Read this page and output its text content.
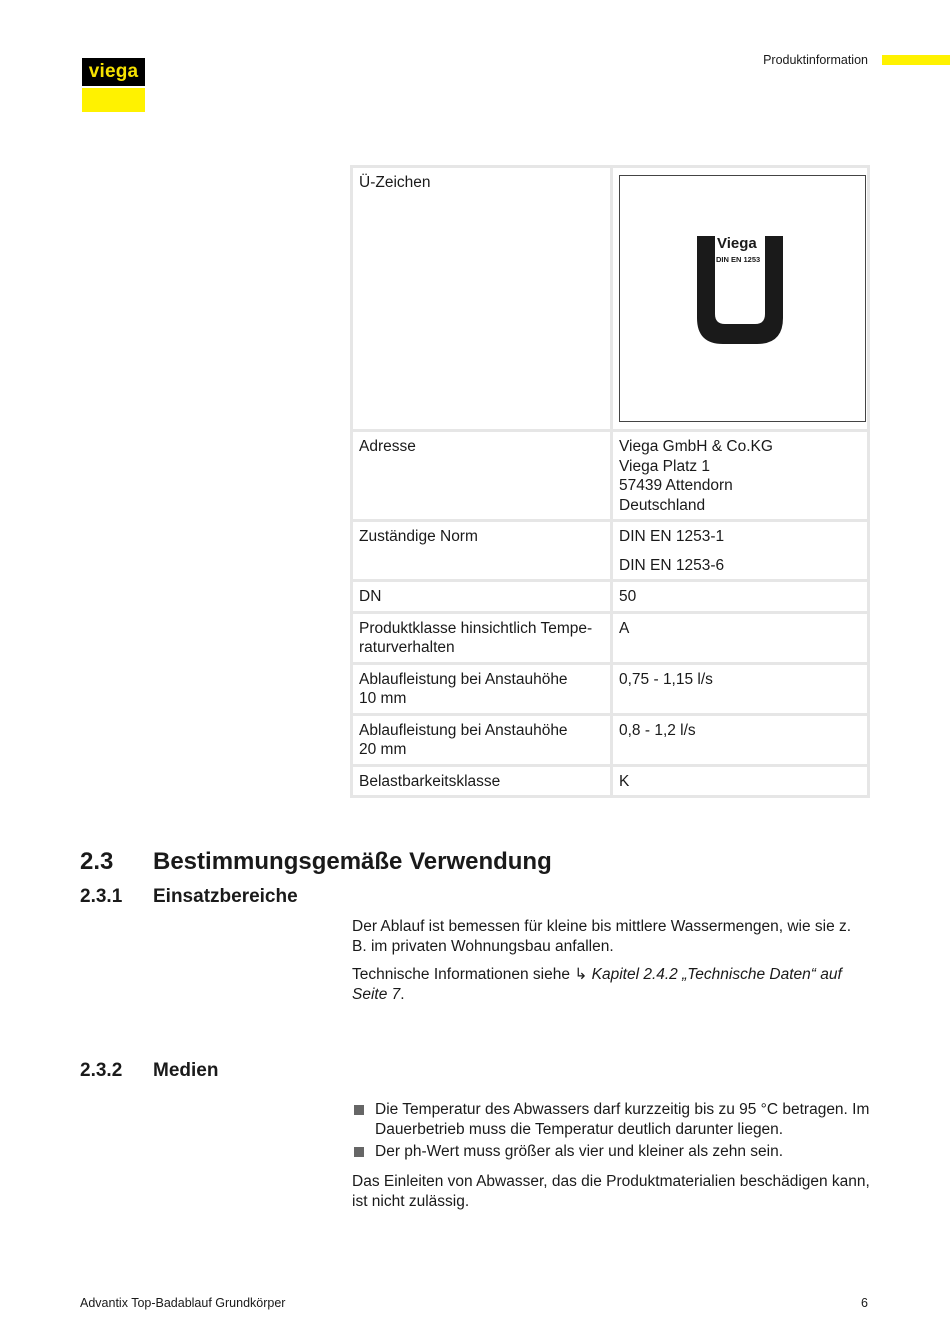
viega
Produktinformation
Ü-Zeichen	Viega
DIN EN 1253

Adresse	Viega GmbH & Co.KG
Viega Platz 1
57439 Attendorn
Deutschland

Zuständige Norm	DIN EN 1253-1
DIN EN 1253-6

DN	50
Produktklasse hinsichtlich Tempe-
raturverhalten	A
Ablaufleistung bei Anstauhöhe 10 mm	0,75 - 1,15 l/s
Ablaufleistung bei Anstauhöhe 20 mm	0,8 - 1,2 l/s
Belastbarkeitsklasse	K
2.3 Bestimmungsgemäße Verwendung
2.3.1 Einsatzbereiche
Der Ablauf ist bemessen für kleine bis mittlere Wassermengen, wie sie z. B. im privaten Wohnungsbau anfallen.
Technische Informationen siehe ↳ Kapitel 2.4.2 „Technische Daten“ auf Seite 7.
2.3.2 Medien
Die Temperatur des Abwassers darf kurzzeitig bis zu 95 °C betragen. Im Dauerbetrieb muss die Temperatur deutlich darunter liegen.
Der ph-Wert muss größer als vier und kleiner als zehn sein.
Das Einleiten von Abwasser, das die Produktmaterialien beschädigen kann, ist nicht zulässig.
Advantix Top-Badablauf Grundkörper	6
